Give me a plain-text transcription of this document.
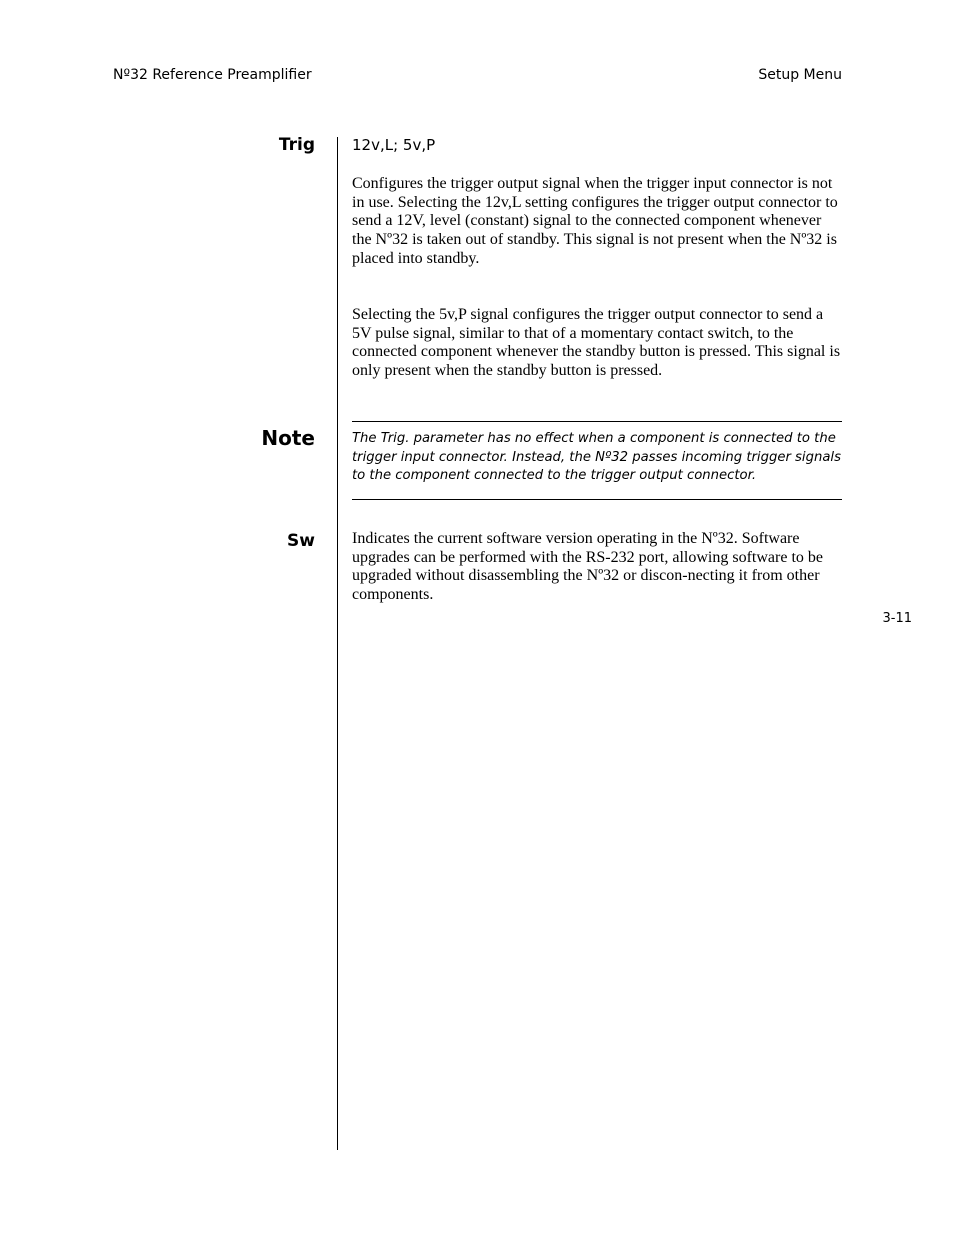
Nº32 Reference Preamplifier	Setup Menu
Trig 12v,L; 5v,P

Configures the trigger output signal when the trigger input connector is not in use. Selecting the 12v,L setting configures the trigger output connector to send a 12V, level (constant) signal to the connected component whenever the Nº32 is taken out of standby. This signal is not present when the Nº32 is placed into standby.

Selecting the 5v,P signal configures the trigger output connector to send a 5V pulse signal, similar to that of a momentary contact switch, to the connected component whenever the standby button is pressed. This signal is only present when the standby button is pressed.

Note	The Trig. parameter has no effect when a component is connected to the trigger input connector. Instead, the Nº32 passes incoming trigger signals to the component connected to the trigger output connector.

Sw Indicates the current software version operating in the Nº32. Software upgrades can be performed with the RS-232 port, allowing software to be upgraded without disassembling the Nº32 or discon-necting it from other components.

3-11
